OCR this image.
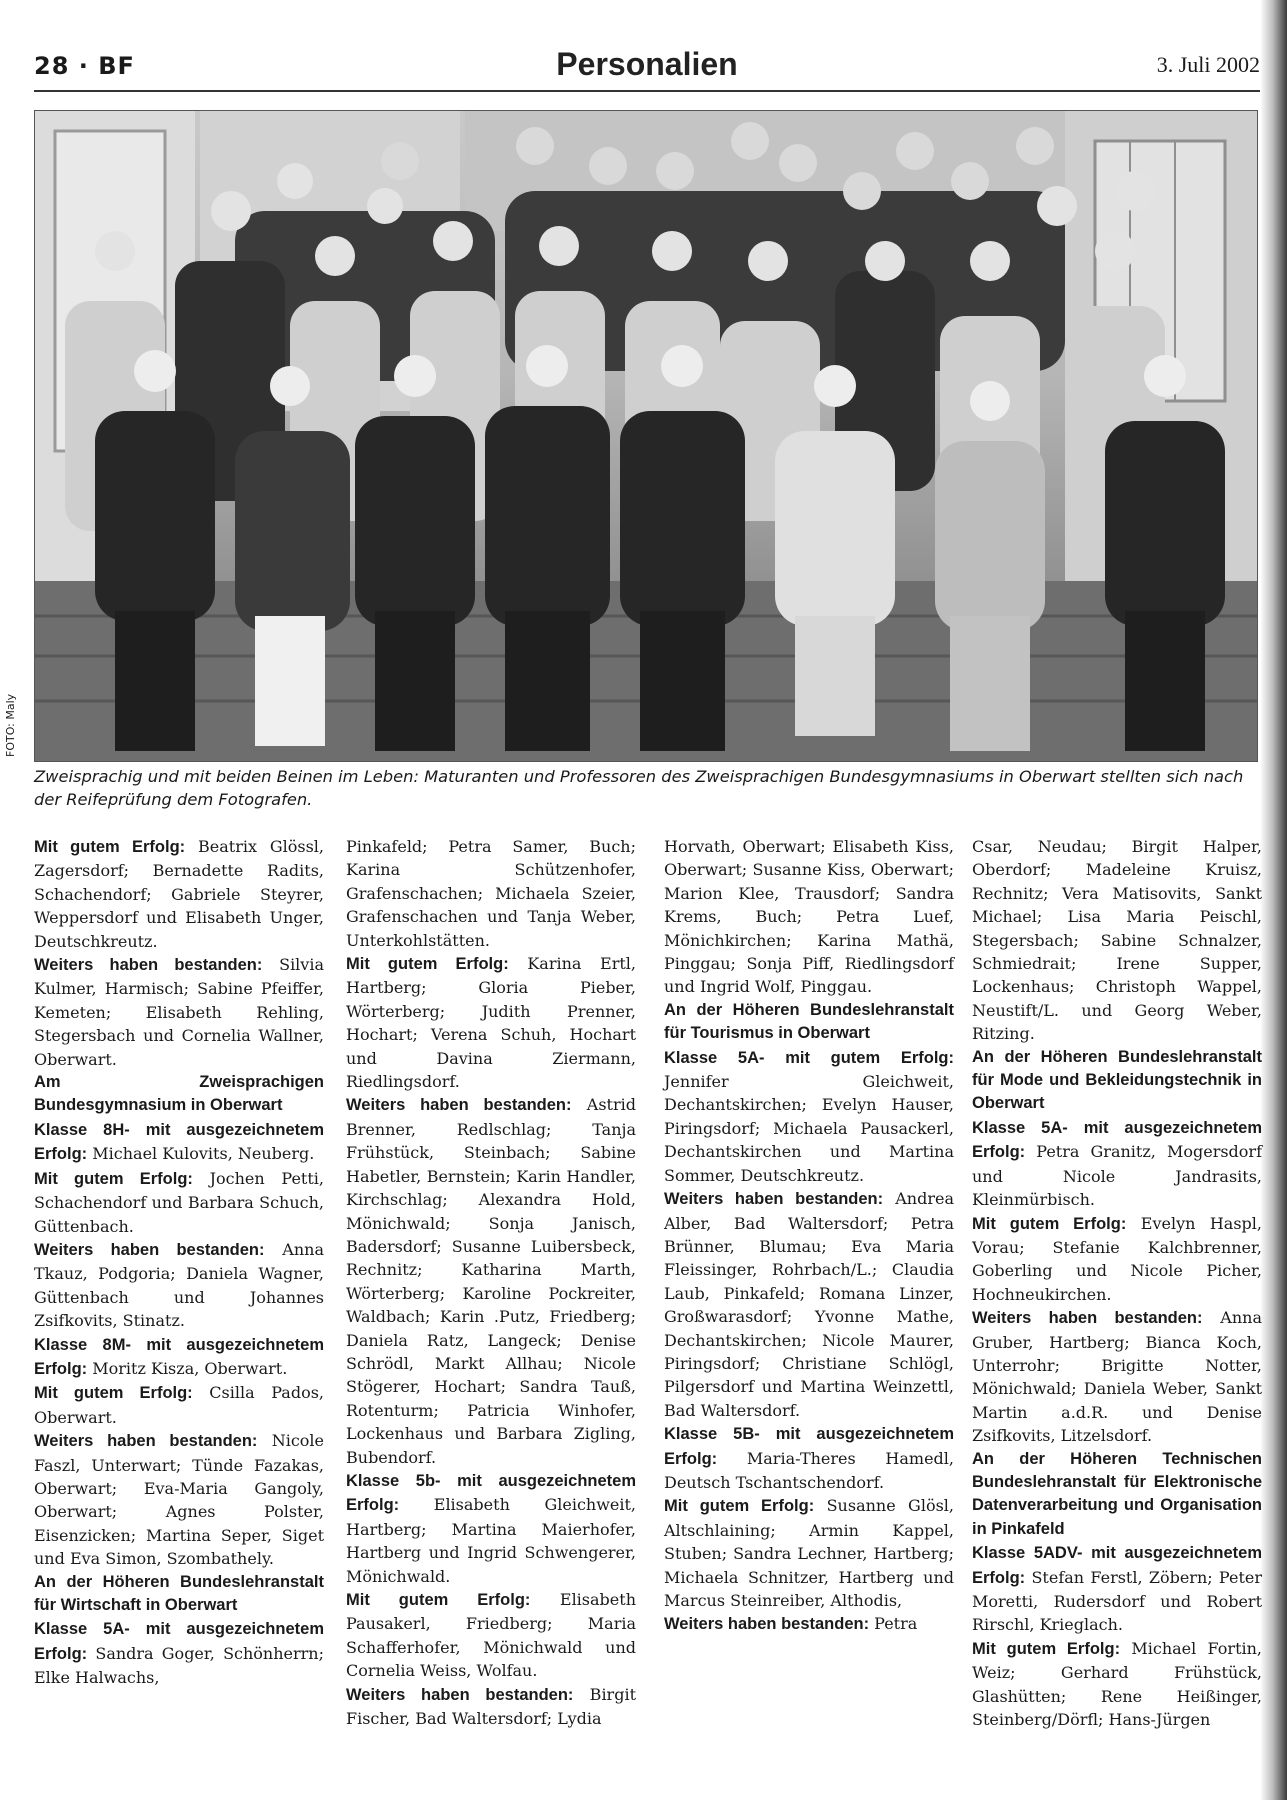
28 · BF	Personalien	3. Juli 2002
FOTO: Maly
Zweisprachig und mit beiden Beinen im Leben: Maturanten und Professoren des Zweisprachigen Bundesgymnasiums in Oberwart stellten sich nach der Reifeprüfung dem Fotografen.

Mit gutem Erfolg: Beatrix Glössl, Zagersdorf; Bernadette Radits, Schachendorf; Gabriele Steyrer, Weppersdorf und Elisabeth Unger, Deutschkreutz.

Weiters haben bestanden: Silvia Kulmer, Harmisch; Sabine Pfeiffer, Kemeten; Elisabeth Rehling, Stegersbach und Cornelia Wallner, Oberwart.

Am Zweisprachigen Bundesgymnasium in Oberwart

Klasse 8H- mit ausgezeichnetem Erfolg: Michael Kulovits, Neuberg.

Mit gutem Erfolg: Jochen Petti, Schachendorf und Barbara Schuch, Güttenbach.

Weiters haben bestanden: Anna Tkauz, Podgoria; Daniela Wagner, Güttenbach und Johannes Zsifkovits, Stinatz.

Klasse 8M- mit ausgezeichnetem Erfolg: Moritz Kisza, Oberwart.

Mit gutem Erfolg: Csilla Pados, Oberwart.

Weiters haben bestanden: Nicole Faszl, Unterwart; Tünde Fazakas, Oberwart; Eva-Maria Gangoly, Oberwart; Agnes Polster, Eisenzicken; Martina Seper, Siget und Eva Simon, Szombathely.

An der Höheren Bundeslehranstalt für Wirtschaft in Oberwart

Klasse 5A- mit ausgezeichnetem Erfolg: Sandra Goger, Schönherrn; Elke Halwachs,

Pinkafeld; Petra Samer, Buch; Karina Schützenhofer, Grafenschachen; Michaela Szeier, Grafenschachen und Tanja Weber, Unterkohlstätten.

Mit gutem Erfolg: Karina Ertl, Hartberg; Gloria Pieber, Wörterberg; Judith Prenner, Hochart; Verena Schuh, Hochart und Davina Ziermann, Riedlingsdorf.

Weiters haben bestanden: Astrid Brenner, Redlschlag; Tanja Frühstück, Steinbach; Sabine Habetler, Bernstein; Karin Handler, Kirchschlag; Alexandra Hold, Mönichwald; Sonja Janisch, Badersdorf; Susanne Luibersbeck, Rechnitz; Katharina Marth, Wörterberg; Karoline Pockreiter, Waldbach; Karin .Putz, Friedberg; Daniela Ratz, Langeck; Denise Schrödl, Markt Allhau; Nicole Stögerer, Hochart; Sandra Tauß, Rotenturm; Patricia Winhofer, Lockenhaus und Barbara Zigling, Bubendorf.

Klasse 5b- mit ausgezeichnetem Erfolg: Elisabeth Gleichweit, Hartberg; Martina Maierhofer, Hartberg und Ingrid Schwengerer, Mönichwald.

Mit gutem Erfolg: Elisabeth Pausakerl, Friedberg; Maria Schafferhofer, Mönichwald und Cornelia Weiss, Wolfau.

Weiters haben bestanden: Birgit Fischer, Bad Waltersdorf; Lydia

Horvath, Oberwart; Elisabeth Kiss, Oberwart; Susanne Kiss, Oberwart; Marion Klee, Trausdorf; Sandra Krems, Buch; Petra Luef, Mönichkirchen; Karina Mathä, Pinggau; Sonja Piff, Riedlingsdorf und Ingrid Wolf, Pinggau.

An der Höheren Bundeslehranstalt für Tourismus in Oberwart

Klasse 5A- mit gutem Erfolg: Jennifer Gleichweit, Dechantskirchen; Evelyn Hauser, Piringsdorf; Michaela Pausackerl, Dechantskirchen und Martina Sommer, Deutschkreutz.

Weiters haben bestanden: Andrea Alber, Bad Waltersdorf; Petra Brünner, Blumau; Eva Maria Fleissinger, Rohrbach/L.; Claudia Laub, Pinkafeld; Romana Linzer, Großwarasdorf; Yvonne Mathe, Dechantskirchen; Nicole Maurer, Piringsdorf; Christiane Schlögl, Pilgersdorf und Martina Weinzettl, Bad Waltersdorf.

Klasse 5B- mit ausgezeichnetem Erfolg: Maria-Theres Hamedl, Deutsch Tschantschendorf.

Mit gutem Erfolg: Susanne Glösl, Altschlaining; Armin Kappel, Stuben; Sandra Lechner, Hartberg; Michaela Schnitzer, Hartberg und Marcus Steinreiber, Althodis,

Weiters haben bestanden: Petra

Csar, Neudau; Birgit Halper, Oberdorf; Madeleine Kruisz, Rechnitz; Vera Matisovits, Sankt Michael; Lisa Maria Peischl, Stegersbach; Sabine Schnalzer, Schmiedrait; Irene Supper, Lockenhaus; Christoph Wappel, Neustift/L. und Georg Weber, Ritzing.

An der Höheren Bundeslehranstalt für Mode und Bekleidungstechnik in Oberwart

Klasse 5A- mit ausgezeichnetem Erfolg: Petra Granitz, Mogersdorf und Nicole Jandrasits, Kleinmürbisch.

Mit gutem Erfolg: Evelyn Haspl, Vorau; Stefanie Kalchbrenner, Goberling und Nicole Picher, Hochneukirchen.

Weiters haben bestanden: Anna Gruber, Hartberg; Bianca Koch, Unterrohr; Brigitte Notter, Mönichwald; Daniela Weber, Sankt Martin a.d.R. und Denise Zsifkovits, Litzelsdorf.

An der Höheren Technischen Bundeslehranstalt für Elektronische Datenverarbeitung und Organisation in Pinkafeld

Klasse 5ADV- mit ausgezeichnetem Erfolg: Stefan Ferstl, Zöbern; Peter Moretti, Rudersdorf und Robert Rirschl, Krieglach.

Mit gutem Erfolg: Michael Fortin, Weiz; Gerhard Frühstück, Glashütten; Rene Heißinger, Steinberg/Dörfl; Hans-Jürgen
